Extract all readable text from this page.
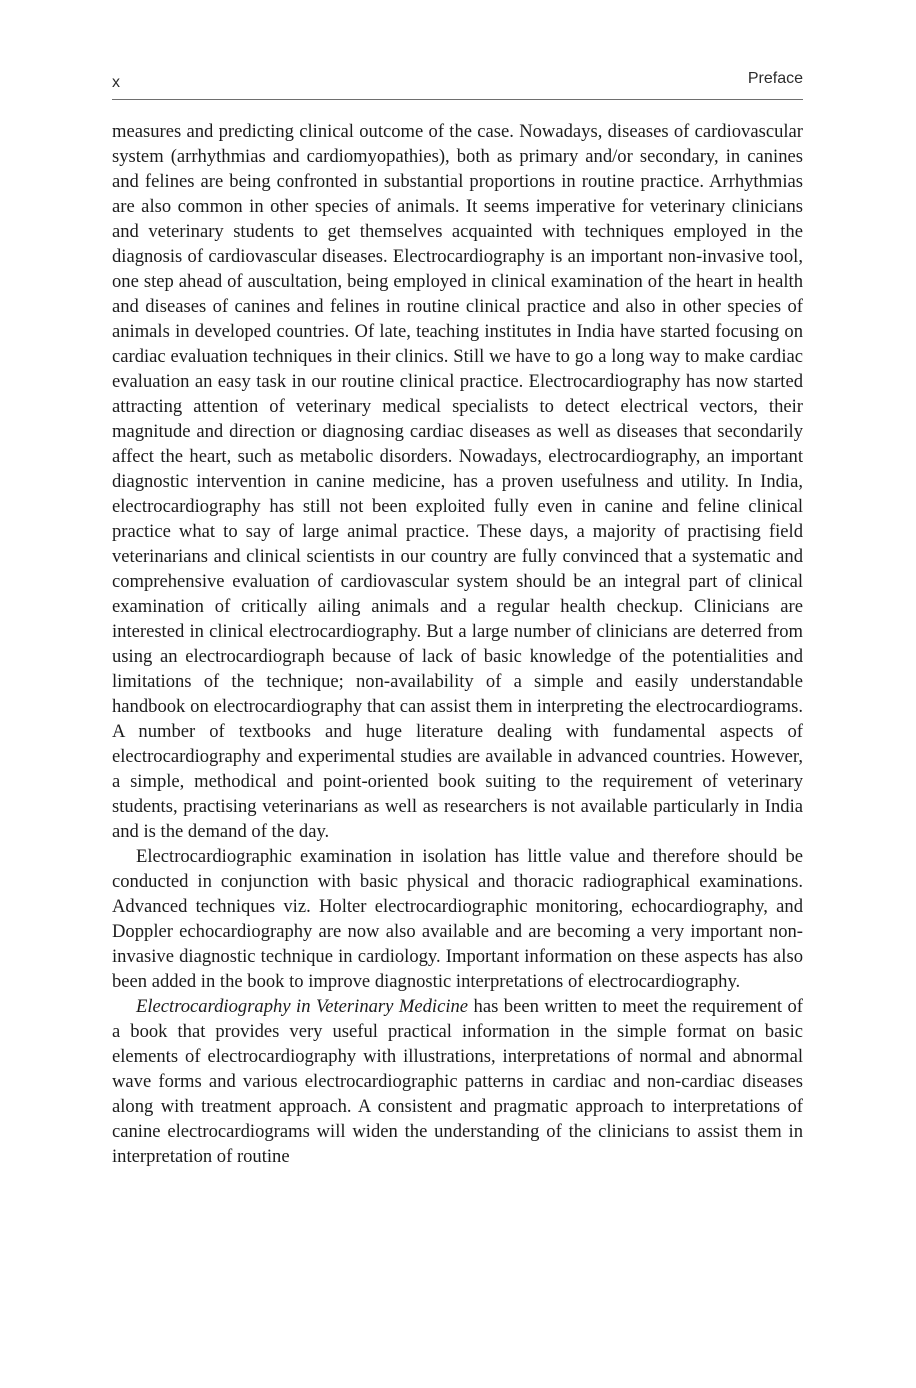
x	Preface

measures and predicting clinical outcome of the case. Nowadays, diseases of cardiovascular system (arrhythmias and cardiomyopathies), both as primary and/or secondary, in canines and felines are being confronted in substantial proportions in routine practice. Arrhythmias are also common in other species of animals. It seems imperative for veterinary clinicians and veterinary students to get themselves acquainted with techniques employed in the diagnosis of cardiovascular diseases. Electrocardiography is an important non-invasive tool, one step ahead of auscultation, being employed in clinical examination of the heart in health and diseases of canines and felines in routine clinical practice and also in other species of animals in developed countries. Of late, teaching institutes in India have started focusing on cardiac evaluation techniques in their clinics. Still we have to go a long way to make cardiac evaluation an easy task in our routine clinical practice. Electrocardiography has now started attracting attention of veterinary medical specialists to detect electrical vectors, their magnitude and direction or diagnosing cardiac diseases as well as diseases that secondarily affect the heart, such as metabolic disorders. Nowadays, electrocardiography, an important diagnostic intervention in canine medicine, has a proven usefulness and utility. In India, electrocardiography has still not been exploited fully even in canine and feline clinical practice what to say of large animal practice. These days, a majority of practising field veterinarians and clinical scientists in our country are fully convinced that a systematic and comprehensive evaluation of cardiovascular system should be an integral part of clinical examination of critically ailing animals and a regular health checkup. Clinicians are interested in clinical electrocardiography. But a large number of clinicians are deterred from using an electrocardiograph because of lack of basic knowledge of the potentialities and limitations of the technique; non-availability of a simple and easily understandable handbook on electrocardiography that can assist them in interpreting the electrocardiograms. A number of textbooks and huge literature dealing with fundamental aspects of electrocardiography and experimental studies are available in advanced countries. However, a simple, methodical and point-oriented book suiting to the requirement of veterinary students, practising veterinarians as well as researchers is not available particularly in India and is the demand of the day.

Electrocardiographic examination in isolation has little value and therefore should be conducted in conjunction with basic physical and thoracic radiographical examinations. Advanced techniques viz. Holter electrocardiographic monitoring, echocardiography, and Doppler echocardiography are now also available and are becoming a very important non-invasive diagnostic technique in cardiology. Important information on these aspects has also been added in the book to improve diagnostic interpretations of electrocardiography.

Electrocardiography in Veterinary Medicine has been written to meet the requirement of a book that provides very useful practical information in the simple format on basic elements of electrocardiography with illustrations, interpretations of normal and abnormal wave forms and various electrocardiographic patterns in cardiac and non-cardiac diseases along with treatment approach. A consistent and pragmatic approach to interpretations of canine electrocardiograms will widen the understanding of the clinicians to assist them in interpretation of routine
